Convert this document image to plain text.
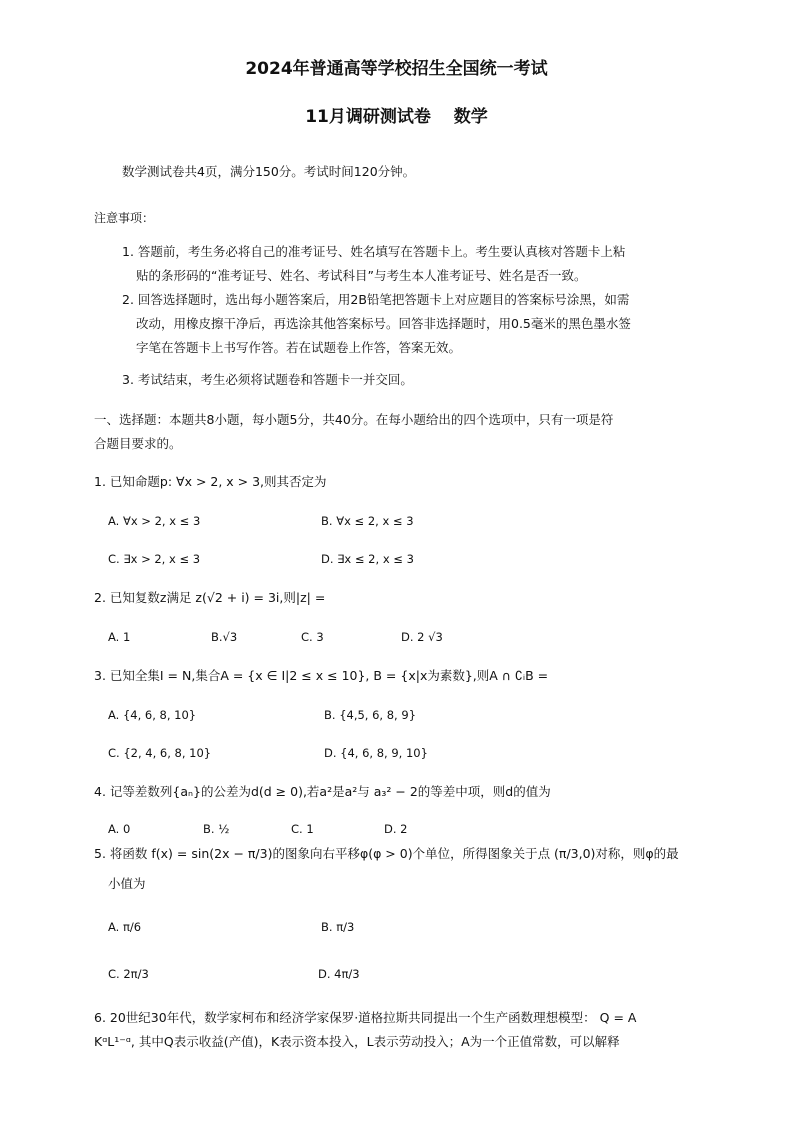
2024年普通高等学校招生全国统一考试
11月调研测试卷　 数学
数学测试卷共4页，满分150分。考试时间120分钟。
注意事项：
1. 答题前，考生务必将自己的准考证号、姓名填写在答题卡上。考生要认真核对答题卡上粘
贴的条形码的“准考证号、姓名、考试科目”与考生本人准考证号、姓名是否一致。
2. 回答选择题时，选出每小题答案后，用2B铅笔把答题卡上对应题目的答案标号涂黑，如需
改动，用橡皮擦干净后，再选涂其他答案标号。回答非选择题时，用0.5毫米的黑色墨水签
字笔在答题卡上书写作答。若在试题卷上作答，答案无效。
3. 考试结束，考生必须将试题卷和答题卡一并交回。
一、选择题：本题共8小题，每小题5分，共40分。在每小题给出的四个选项中，只有一项是符
合题目要求的。
1. 已知命题p: ∀x > 2, x > 3,则其否定为
A. ∀x > 2, x ≤ 3	B. ∀x ≤ 2, x ≤ 3
C. ∃x > 2, x ≤ 3	D. ∃x ≤ 2, x ≤ 3
2. 已知复数z满足 z(√2 + i) = 3i,则|z| =
A. 1	B.√3	C. 3	D. 2 √3
3. 已知全集I = N,集合A = {x ∈ I|2 ≤ x ≤ 10}, B = {x|x为素数},则A ∩ ∁ᵢB =
A. {4, 6, 8, 10}	B. {4,5, 6, 8, 9}
C. {2, 4, 6, 8, 10}	D. {4, 6, 8, 9, 10}
4. 记等差数列{aₙ}的公差为d(d ≥ 0),若a²是a²与 a₃² − 2的等差中项，则d的值为
A. 0	B. ½	C. 1	D. 2
5. 将函数 f(x) = sin(2x − π/3)的图象向右平移φ(φ > 0)个单位，所得图象关于点 (π/3,0)对称，则φ的最
小值为
A. π/6	B. π/3
C. 2π/3	D. 4π/3
6. 20世纪30年代，数学家柯布和经济学家保罗·道格拉斯共同提出一个生产函数理想模型： Q = A
KᵅL¹⁻ᵅ, 其中Q表示收益(产值)，K表示资本投入，L表示劳动投入；A为一个正值常数，可以解释
